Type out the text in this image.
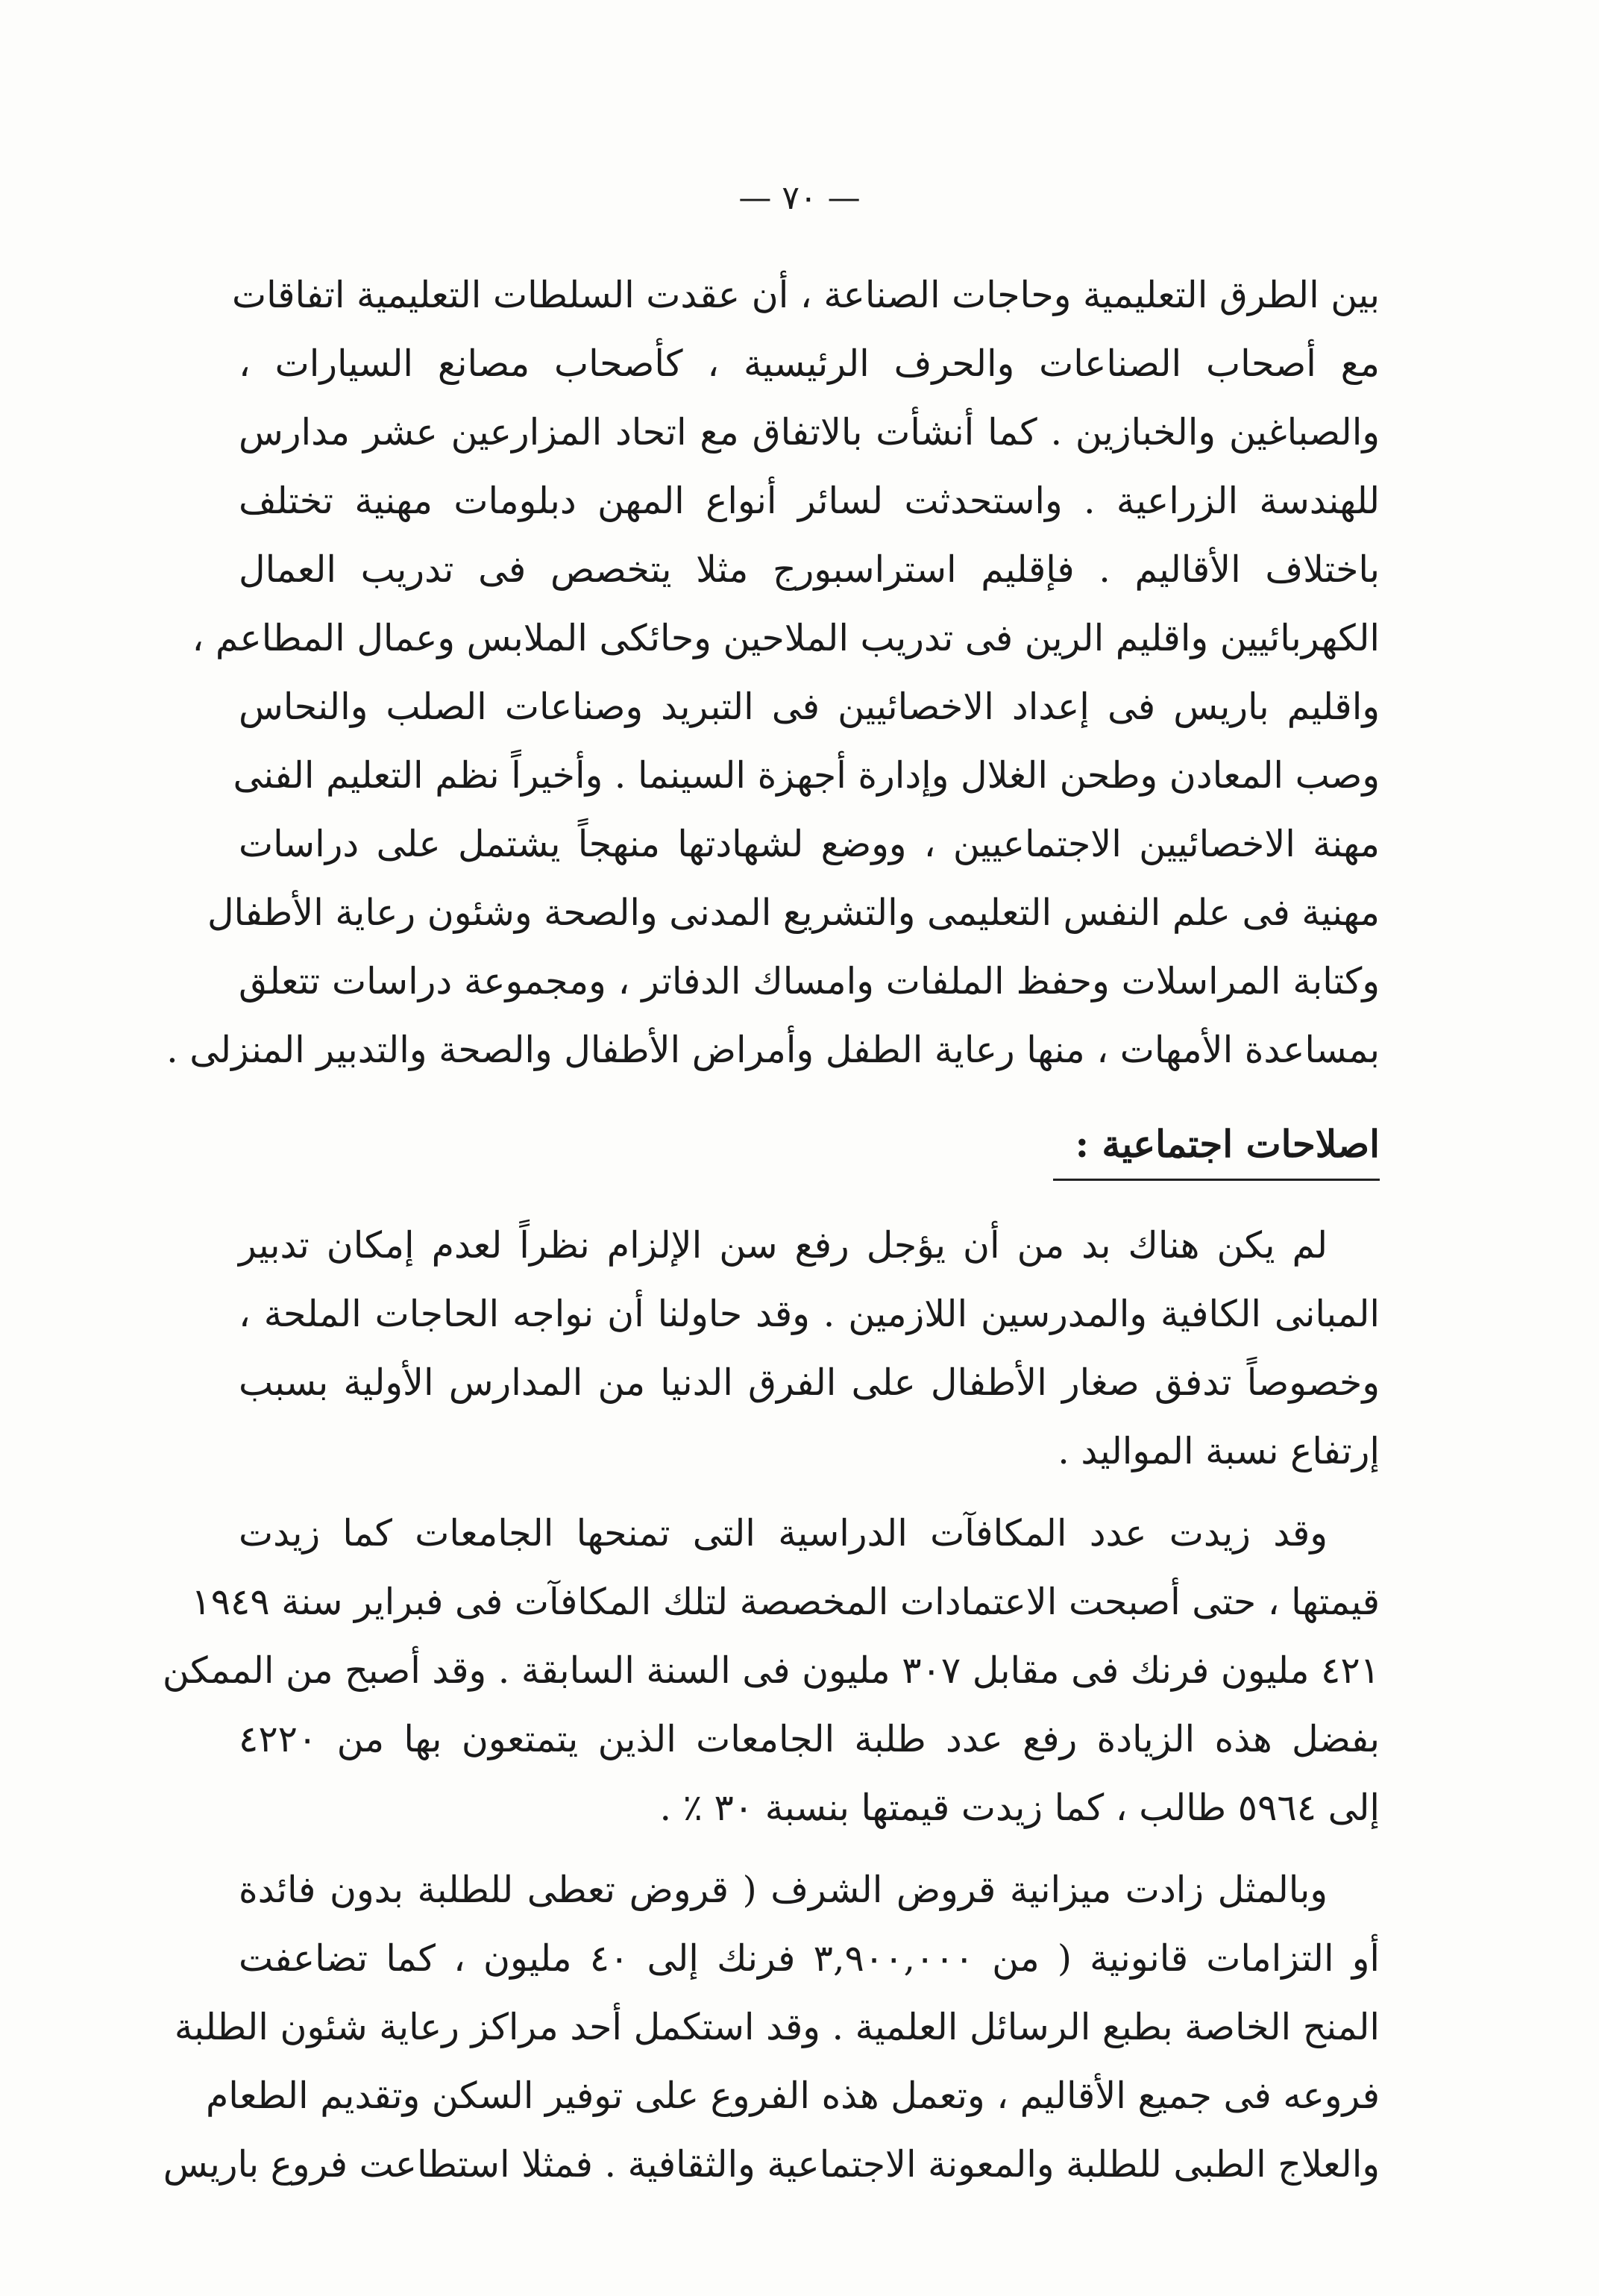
— ٧٠ —
بين الطرق التعليمية وحاجات الصناعة ، أن عقدت السلطات التعليمية اتفاقات
مع أصحاب الصناعات والحرف الرئيسية ، كأصحاب مصانع السيارات ،
والصباغين والخبازين . كما أنشأت بالاتفاق مع اتحاد المزارعين عشر مدارس
للهندسة الزراعية . واستحدثت لسائر أنواع المهن دبلومات مهنية تختلف
باختلاف الأقاليم . فإقليم استراسبورج مثلا يتخصص فى تدريب العمال
الكهربائيين واقليم الرين فى تدريب الملاحين وحائكى الملابس وعمال المطاعم ،
واقليم باريس فى إعداد الاخصائيين فى التبريد وصناعات الصلب والنحاس
وصب المعادن وطحن الغلال وإدارة أجهزة السينما . وأخيراً نظم التعليم الفنى
مهنة الاخصائيين الاجتماعيين ، ووضع لشهادتها منهجاً يشتمل على دراسات
مهنية فى علم النفس التعليمى والتشريع المدنى والصحة وشئون رعاية الأطفال
وكتابة المراسلات وحفظ الملفات وامساك الدفاتر ، ومجموعة دراسات تتعلق
بمساعدة الأمهات ، منها رعاية الطفل وأمراض الأطفال والصحة والتدبير المنزلى .
اصلاحات اجتماعية :
لم يكن هناك بد من أن يؤجل رفع سن الإلزام نظراً لعدم إمكان تدبير
المبانى الكافية والمدرسين اللازمين . وقد حاولنا أن نواجه الحاجات الملحة ،
وخصوصاً تدفق صغار الأطفال على الفرق الدنيا من المدارس الأولية بسبب
إرتفاع نسبة المواليد .
وقد زيدت عدد المكافآت الدراسية التى تمنحها الجامعات كما زيدت
قيمتها ، حتى أصبحت الاعتمادات المخصصة لتلك المكافآت فى فبراير سنة ١٩٤٩
٤٢١ مليون فرنك فى مقابل ٣٠٧ مليون فى السنة السابقة . وقد أصبح من الممكن
بفضل هذه الزيادة رفع عدد طلبة الجامعات الذين يتمتعون بها من ٤٢٢٠
إلى ٥٩٦٤ طالب ، كما زيدت قيمتها بنسبة ٣٠ ٪ .
وبالمثل زادت ميزانية قروض الشرف ( قروض تعطى للطلبة بدون فائدة
أو التزامات قانونية ( من ٣,٩٠٠,٠٠٠ فرنك إلى ٤٠ مليون ، كما تضاعفت
المنح الخاصة بطبع الرسائل العلمية . وقد استكمل أحد مراكز رعاية شئون الطلبة
فروعه فى جميع الأقاليم ، وتعمل هذه الفروع على توفير السكن وتقديم الطعام
والعلاج الطبى للطلبة والمعونة الاجتماعية والثقافية . فمثلا استطاعت فروع باريس
